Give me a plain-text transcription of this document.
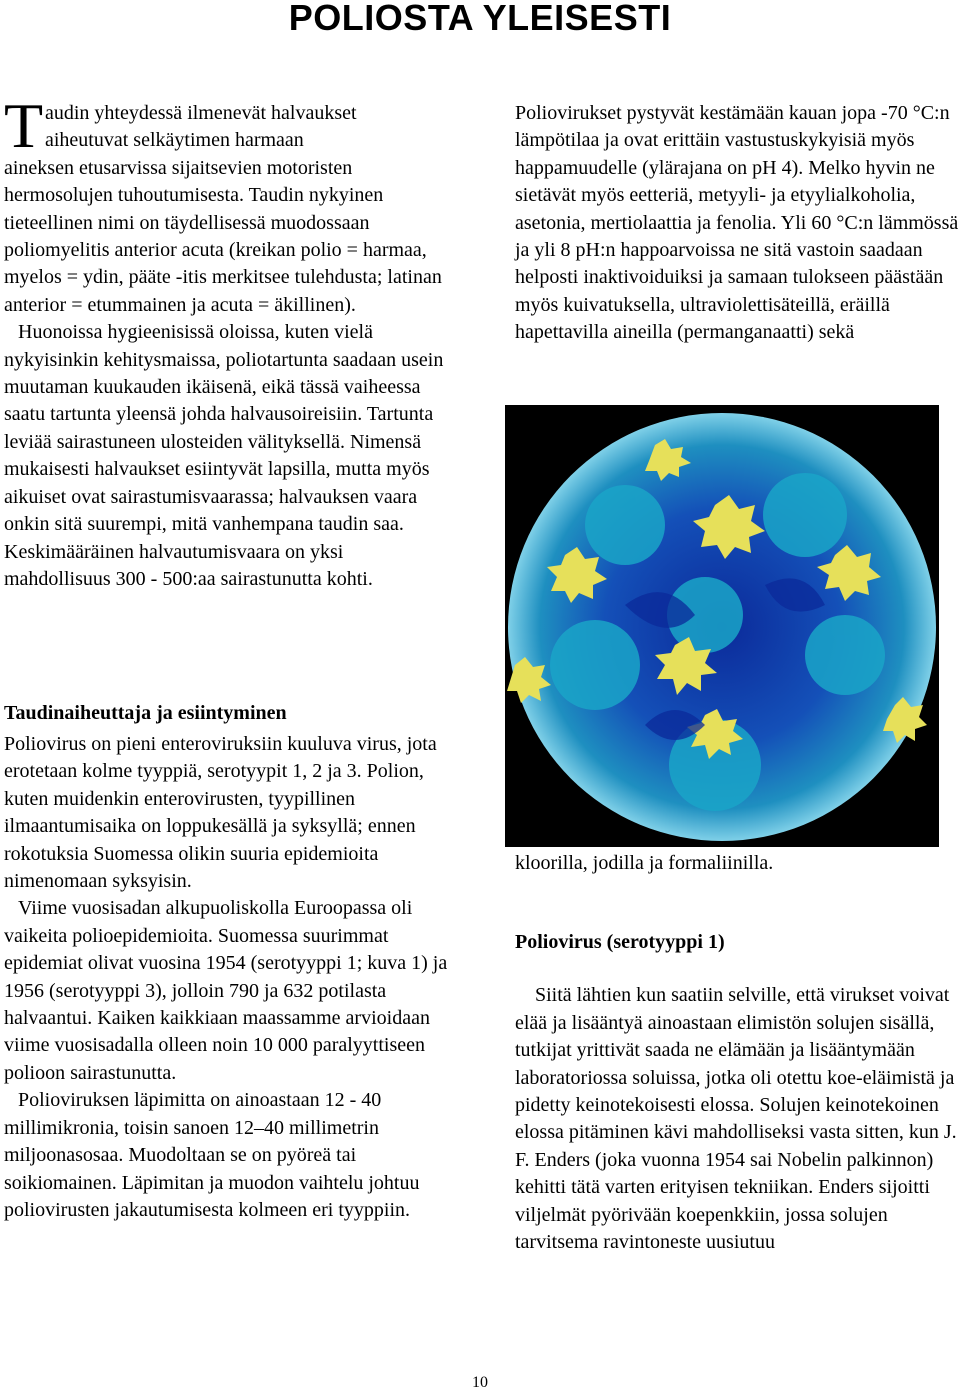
POLIOSTA YLEISESTI
T audin yhteydessä ilmenevät halvaukset
aiheutuvat selkäytimen harmaan

aineksen etusarvissa sijaitsevien motoristen hermosolujen tuhoutumisesta. Taudin nykyinen tieteellinen nimi on täydellisessä muodossaan poliomyelitis anterior acuta (kreikan polio = harmaa, myelos = ydin, pääte -itis merkitsee tulehdusta; latinan anterior = etummainen ja acuta = äkillinen).

Huonoissa hygieenisissä oloissa, kuten vielä nykyisinkin kehitysmaissa, poliotartunta saadaan usein muutaman kuukauden ikäisenä, eikä tässä vaiheessa saatu tartunta yleensä johda halvausoireisiin. Tartunta leviää sairastuneen ulosteiden välityksellä. Nimensä mukaisesti halvaukset esiintyvät lapsilla, mutta myös aikuiset ovat sairastumisvaarassa; halvauksen vaara onkin sitä suurempi, mitä vanhempana taudin saa. Keskimääräinen halvautumisvaara on yksi mahdollisuus 300 - 500:aa sairastunutta kohti.

Taudinaiheuttaja ja esiintyminen

Poliovirus on pieni enteroviruksiin kuuluva virus, jota erotetaan kolme tyyppiä, serotyypit 1, 2 ja 3. Polion, kuten muidenkin enterovirusten, tyypillinen ilmaantumisaika on loppukesällä ja syksyllä; ennen rokotuksia Suomessa olikin suuria epidemioita nimenomaan syksyisin.

Viime vuosisadan alkupuoliskolla Euroopassa oli vaikeita polioepidemioita. Suomessa suurimmat epidemiat olivat vuosina 1954 (serotyyppi 1; kuva 1) ja 1956 (serotyyppi 3), jolloin 790 ja 632 potilasta halvaantui. Kaiken kaikkiaan maassamme arvioidaan viime vuosisadalla olleen noin 10 000 paralyyttiseen polioon sairastunutta.

Polioviruksen läpimitta on ainoastaan 12 - 40 millimikronia, toisin sanoen 12–40 millimetrin miljoonasosaa. Muodoltaan se on pyöreä tai soikiomainen. Läpimitan ja muodon vaihtelu johtuu poliovirusten jakautumisesta kolmeen eri tyyppiin.

Poliovirukset pystyvät kestämään kauan jopa -70 °C:n lämpötilaa ja ovat erittäin vastustuskykyisiä myös happamuudelle (ylärajana on pH 4). Melko hyvin ne sietävät myös eetteriä, metyyli- ja etyylialkoholia, asetonia, mertiolaattia ja fenolia. Yli 60 °C:n lämmössä ja yli 8 pH:n happoarvoissa ne sitä vastoin saadaan helposti inaktivoiduiksi ja samaan tulokseen päästään myös kuivatuksella, ultraviolettisäteillä, eräillä hapettavilla aineilla (permanganaatti) sekä

kloorilla, jodilla ja formaliinilla.

Poliovirus (serotyyppi 1)

Siitä lähtien kun saatiin selville, että virukset voivat elää ja lisääntyä ainoastaan elimistön solujen sisällä, tutkijat yrittivät saada ne elämään ja lisääntymään laboratoriossa soluissa, jotka oli otettu koe-eläimistä ja pidetty keinotekoisesti elossa. Solujen keinotekoinen elossa pitäminen kävi mahdolliseksi vasta sitten, kun J. F. Enders (joka vuonna 1954 sai Nobelin palkinnon) kehitti tätä varten erityisen tekniikan. Enders sijoitti viljelmät pyörivään koepenkkiin, jossa solujen tarvitsema ravintoneste uusiutuu

10
